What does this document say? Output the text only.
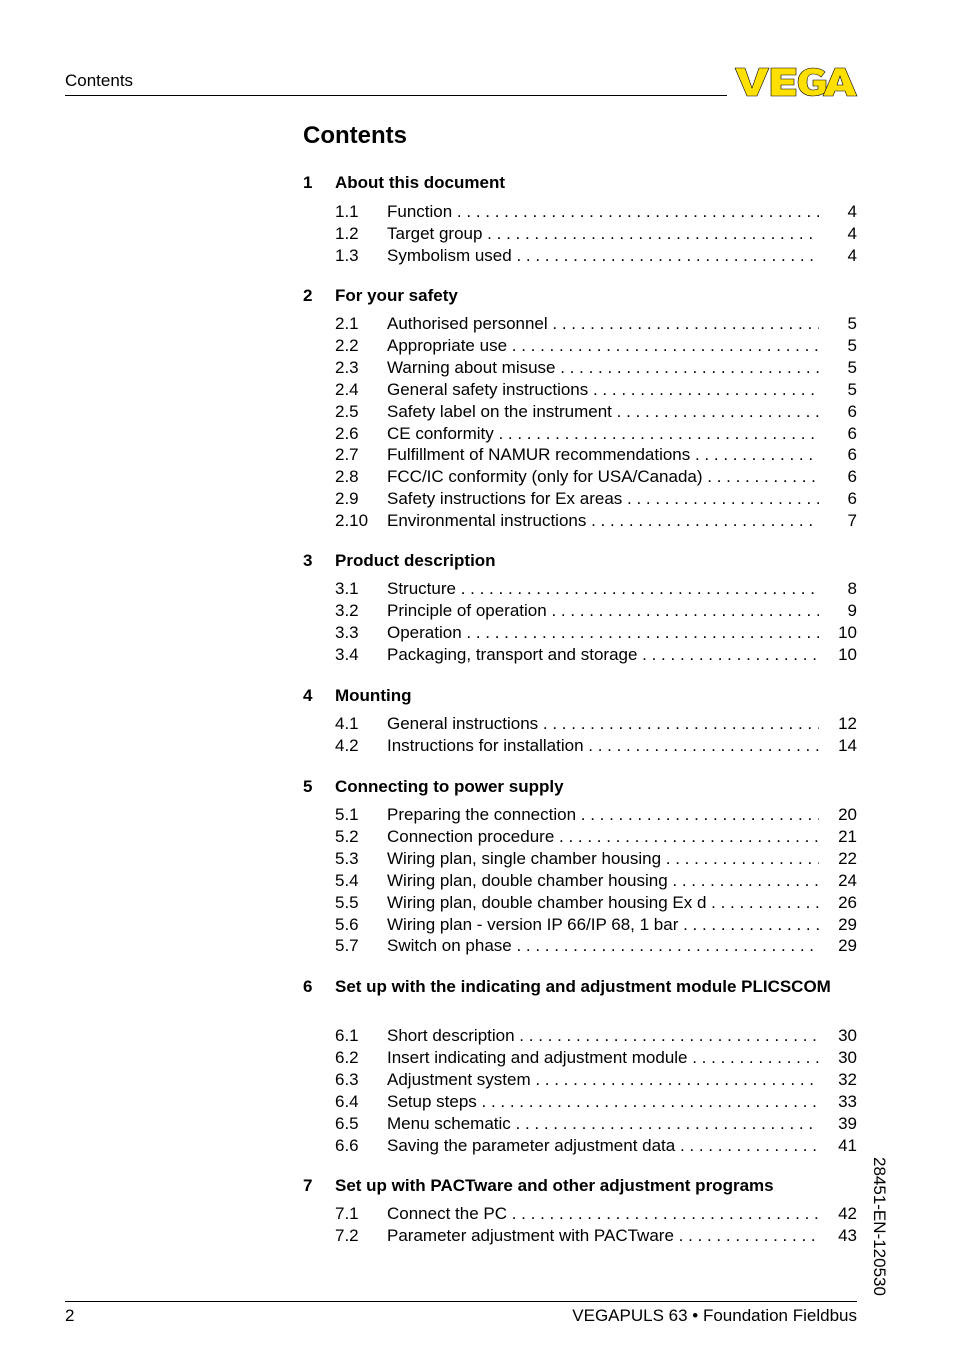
Contents
Contents
1 About this document
1.1 Function . . .	4
1.2 Target group . . .	4
1.3 Symbolism used . . .	4
2 For your safety
2.1 Authorised personnel . . .	5
2.2 Appropriate use . . .	5
2.3 Warning about misuse . . .	5
2.4 General safety instructions . . .	5
2.5 Safety label on the instrument . . .	6
2.6 CE conformity . . .	6
2.7 Fulfillment of NAMUR recommendations . . .	6
2.8 FCC/IC conformity (only for USA/Canada) . . .	6
2.9 Safety instructions for Ex areas . . .	6
2.10 Environmental instructions . . .	7
3 Product description
3.1 Structure . . .	8
3.2 Principle of operation . . .	9
3.3 Operation . . .	10
3.4 Packaging, transport and storage . . .	10
4 Mounting
4.1 General instructions . . .	12
4.2 Instructions for installation . . .	14
5 Connecting to power supply
5.1 Preparing the connection . . .	20
5.2 Connection procedure . . .	21
5.3 Wiring plan, single chamber housing . . .	22
5.4 Wiring plan, double chamber housing . . .	24
5.5 Wiring plan, double chamber housing Ex d . . .	26
5.6 Wiring plan - version IP 66/IP 68, 1 bar . . .	29
5.7 Switch on phase . . .	29
6 Set up with the indicating and adjustment module PLICSCOM
6.1 Short description . . .	30
6.2 Insert indicating and adjustment module . . .	30
6.3 Adjustment system . . .	32
6.4 Setup steps . . .	33
6.5 Menu schematic . . .	39
6.6 Saving the parameter adjustment data . . .	41
7 Set up with PACTware and other adjustment programs
7.1 Connect the PC . . .	42
7.2 Parameter adjustment with PACTware . . .	43 28451-EN-120530
2	VEGAPULS 63 • Foundation Fieldbus
